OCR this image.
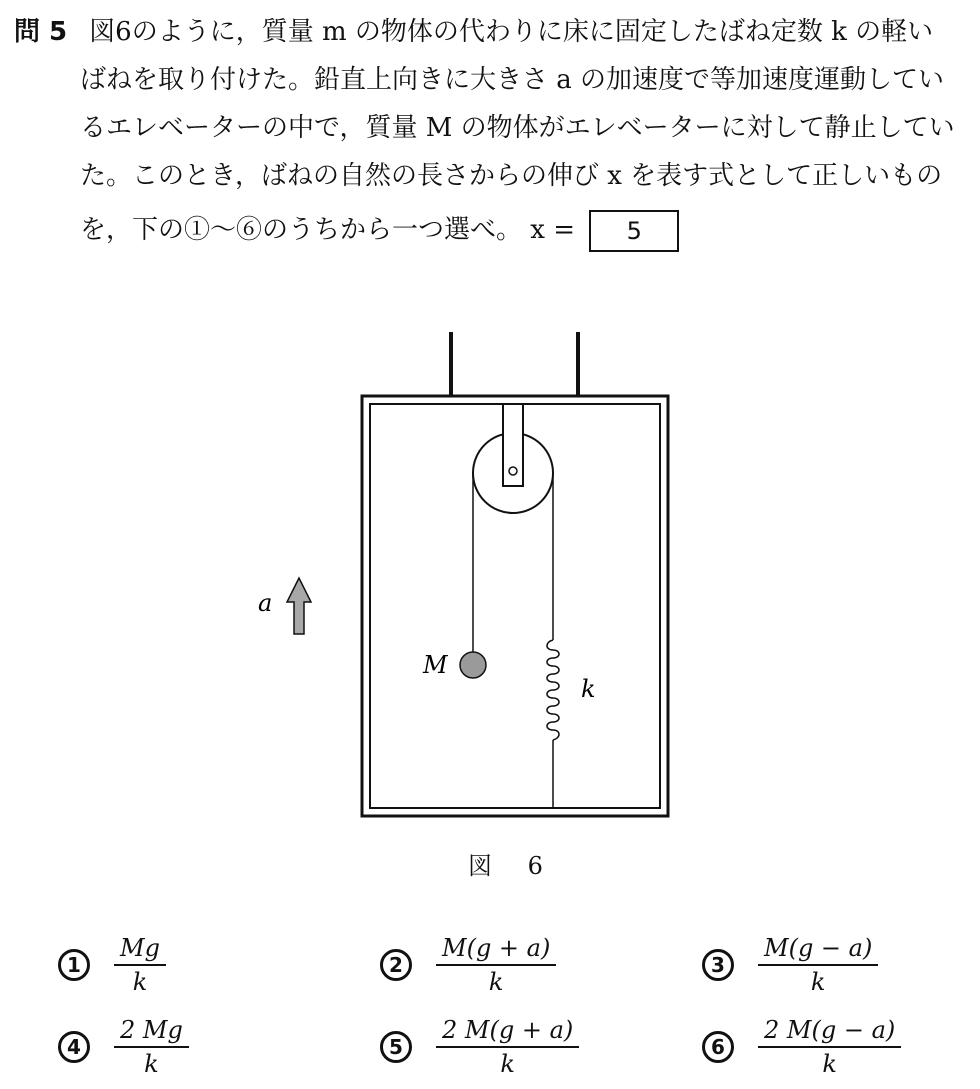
問 5 図6のように，質量 m の物体の代わりに床に固定したばね定数 k の軽い
ばねを取り付けた。鉛直上向きに大きさ a の加速度で等加速度運動してい
るエレベーターの中で，質量 M の物体がエレベーターに対して静止してい
た。このとき，ばねの自然の長さからの伸び x を表す式として正しいもの
を，下の①〜⑥のうちから一つ選べ。 x = 5
a
M
k
図 6
1	$\frac{Mg}{k}$	2	$\frac{M(g + a)}{k}$	3	$\frac{M(g - a)}{k}$
4	$\frac{2 Mg}{k}$	5	$\frac{2 M(g + a)}{k}$	6	$\frac{2 M(g - a)}{k}$
